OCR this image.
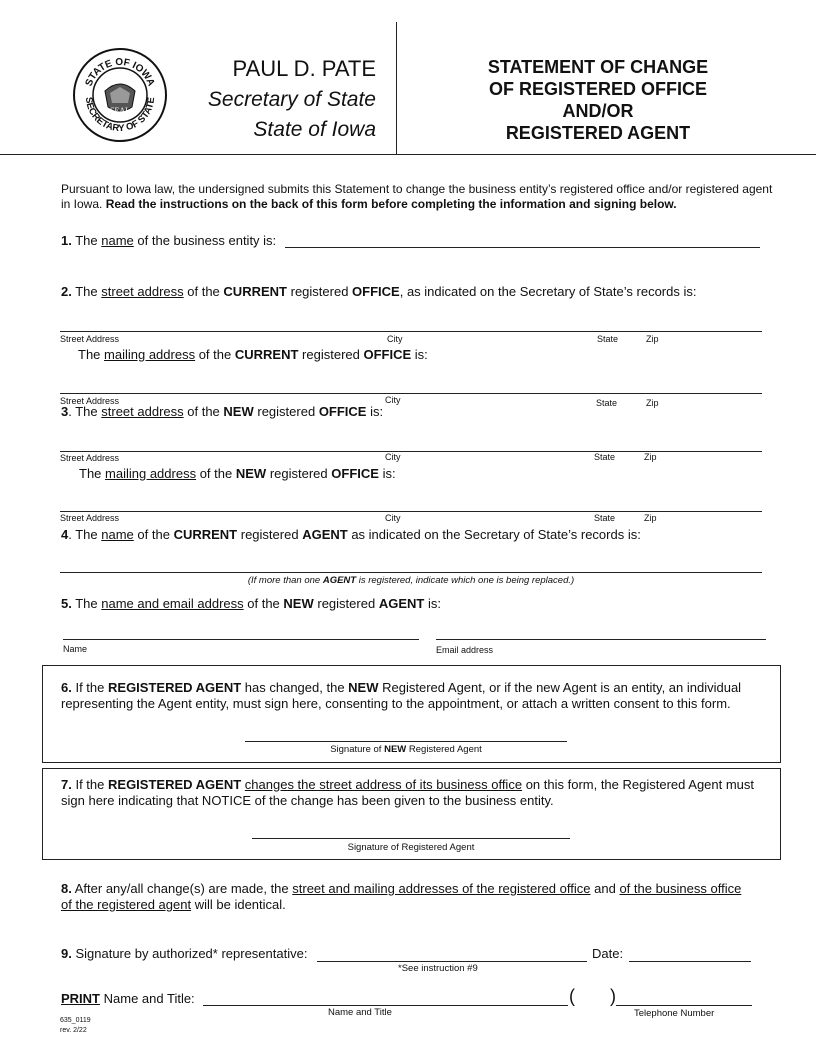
STATE OF IOWA
SECRETARY OF STATE
SEAL
PAUL D. PATE
Secretary of State
State of Iowa
STATEMENT OF CHANGE
OF REGISTERED OFFICE
AND/OR
REGISTERED AGENT
Pursuant to Iowa law, the undersigned submits this Statement to change the business entity’s registered office and/or registered agent in Iowa. Read the instructions on the back of this form before completing the information and signing below.
1. The name of the business entity is:
2. The street address of the CURRENT registered OFFICE, as indicated on the Secretary of State’s records is:
Street Address	City	State	Zip
The mailing address of the CURRENT registered OFFICE is:
Street Address	City	State	Zip
3. The street address of the NEW registered OFFICE is:
Street Address	City	State	Zip
The mailing address of the NEW registered OFFICE is:
Street Address	City	State	Zip
4. The name of the CURRENT registered AGENT as indicated on the Secretary of State’s records is:
(If more than one AGENT is registered, indicate which one is being replaced.)
5. The name and email address of the NEW registered AGENT is:
Name	Email address
6. If the REGISTERED AGENT has changed, the NEW Registered Agent, or if the new Agent is an entity, an individual representing the Agent entity, must sign here, consenting to the appointment, or attach a written consent to this form.
Signature of NEW Registered Agent
7. If the REGISTERED AGENT changes the street address of its business office on this form, the Registered Agent must sign here indicating that NOTICE of the change has been given to the business entity.
Signature of Registered Agent
8. After any/all change(s) are made, the street and mailing addresses of the registered office and of the business office of the registered agent will be identical.
9. Signature by authorized* representative:	Date:
*See instruction #9
PRINT Name and Title:	( )
Name and Title	Telephone Number
635_0119
rev. 2/22
